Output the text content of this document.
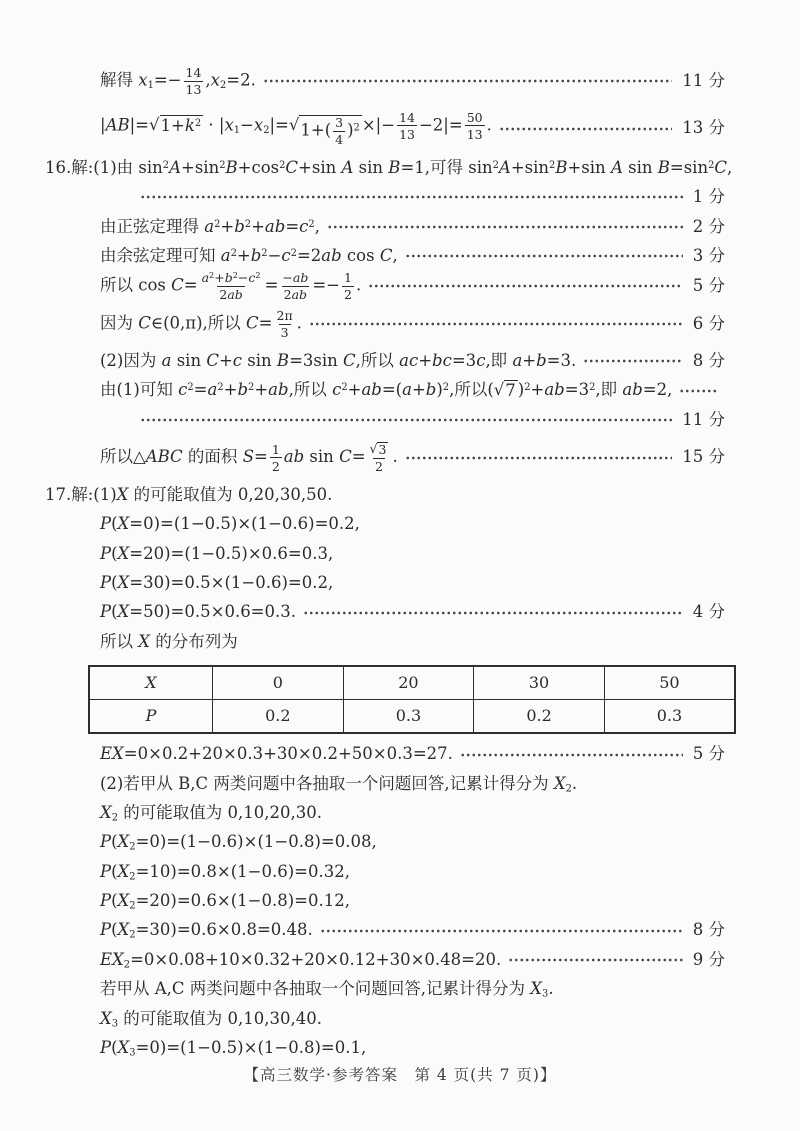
解得 $x_1=- \frac{14}{13} ,x_2=2$.	11 分
|AB|= √ $1+k^2 \cdot |x_1-x_2|=$ √ $1+( \frac{3}{4} )^2$ ×|− $\frac{14}{13} -2|= \frac{50}{13}$ .	13 分
16.解:(1)由 $\sin^2A+\sin^2B+\cos^2C+\sin$ A sin B=1,可得 $\sin^2A+\sin^2B+\sin$ A $\sin B=\sin^2C$,
1 分
由正弦定理得 $a^2+b^2+ab=c^2$,	2 分
由余弦定理可知 $a^2+b^2-c^2=2ab$ cos C,	3 分
所以 $\cos C= \frac{a^2+b^2-c^2}{2ab} = \frac{-ab}{2ab} =- \frac{1}{2}$ .	5 分
因为 C∈(0,π),所以 $C= \frac{2\pi}{3}$ .	6 分
(2)因为 a sin C+c sin B=3sin C,所以 ac+bc=3c,即 a+b=3.	8 分
由(1)可知 $c^2=a^2+b^2+ab$,所以 $c^2+ab=(a+b)^2$,所以( √ 7 )$^2+ab=3^2$,即 ab=2,
11 分
所以△ABC 的面积 $S= \frac{1}{2}$ ab $\sin C= \frac{√ 3}{2}$ .	15 分
17.解:(1)X 的可能取值为 0,20,30,50.
P(X=0)=(1−0.5)×(1−0.6)=0.2,
P(X=20)=(1−0.5)×0.6=0.3,
P(X=30)=0.5×(1−0.6)=0.2,
P(X=50)=0.5×0.6=0.3.	4 分
所以 X 的分布列为
X	0	20	30	50
P	0.2	0.3	0.2	0.3
EX=0×0.2+20×0.3+30×0.2+50×0.3=27.	5 分
(2)若甲从 B,C 两类问题中各抽取一个问题回答,记累计得分为 $X_2$.
$X_2$ 的可能取值为 0,10,20,30.
$P(X_2=0)=(1-0.6)\times(1-0.8)=0.08$,
$P(X_2=10)=0.8\times(1-0.6)=0.32$,
$P(X_2=20)=0.6\times(1-0.8)=0.12$,
$P(X_2=30)=0.6\times 0.8=0.48$.	8 分
$EX_2=0\times 0.08+10\times 0.32+20\times 0.12+30\times 0.48=20$.	9 分
若甲从 A,C 两类问题中各抽取一个问题回答,记累计得分为 $X_3$.
$X_3$ 的可能取值为 0,10,30,40.
$P(X_3=0)=(1-0.5)\times(1-0.8)=0.1$,
【高三数学·参考答案　第 4 页(共 7 页)】
